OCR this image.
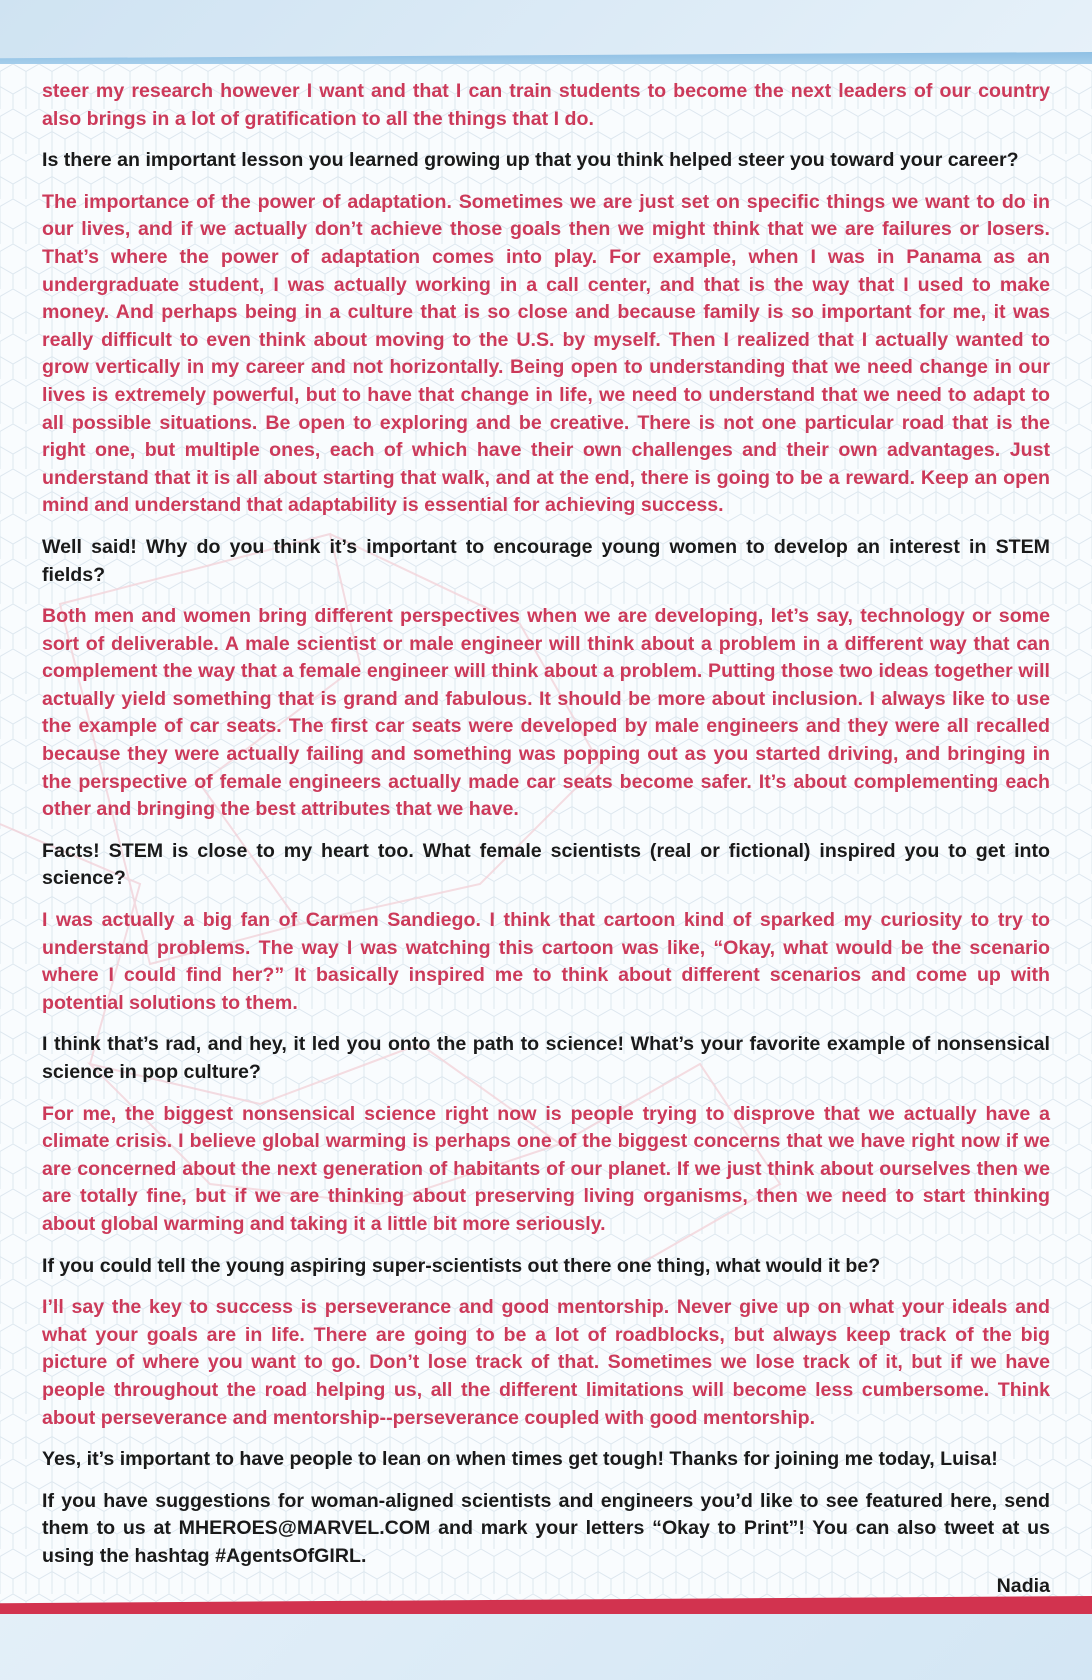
steer my research however I want and that I can train students to become the next leaders of our country also brings in a lot of gratification to all the things that I do.

Is there an important lesson you learned growing up that you think helped steer you toward your career?

The importance of the power of adaptation. Sometimes we are just set on specific things we want to do in our lives, and if we actually don’t achieve those goals then we might think that we are failures or losers. That’s where the power of adaptation comes into play. For example, when I was in Panama as an undergraduate student, I was actually working in a call center, and that is the way that I used to make money. And perhaps being in a culture that is so close and because family is so important for me, it was really difficult to even think about moving to the U.S. by myself. Then I realized that I actually wanted to grow vertically in my career and not horizontally. Being open to understanding that we need change in our lives is extremely powerful, but to have that change in life, we need to understand that we need to adapt to all possible situations. Be open to exploring and be creative. There is not one particular road that is the right one, but multiple ones, each of which have their own challenges and their own advantages. Just understand that it is all about starting that walk, and at the end, there is going to be a reward. Keep an open mind and understand that adaptability is essential for achieving success.

Well said! Why do you think it’s important to encourage young women to develop an interest in STEM fields?

Both men and women bring different perspectives when we are developing, let’s say, technology or some sort of deliverable. A male scientist or male engineer will think about a problem in a different way that can complement the way that a female engineer will think about a problem. Putting those two ideas together will actually yield something that is grand and fabulous. It should be more about inclusion. I always like to use the example of car seats. The first car seats were developed by male engineers and they were all recalled because they were actually failing and something was popping out as you started driving, and bringing in the perspective of female engineers actually made car seats become safer. It’s about complementing each other and bringing the best attributes that we have.

Facts! STEM is close to my heart too. What female scientists (real or fictional) inspired you to get into science?

I was actually a big fan of Carmen Sandiego. I think that cartoon kind of sparked my curiosity to try to understand problems. The way I was watching this cartoon was like, “Okay, what would be the scenario where I could find her?” It basically inspired me to think about different scenarios and come up with potential solutions to them.

I think that’s rad, and hey, it led you onto the path to science! What’s your favorite example of nonsensical science in pop culture?

For me, the biggest nonsensical science right now is people trying to disprove that we actually have a climate crisis. I believe global warming is perhaps one of the biggest concerns that we have right now if we are concerned about the next generation of habitants of our planet. If we just think about ourselves then we are totally fine, but if we are thinking about preserving living organisms, then we need to start thinking about global warming and taking it a little bit more seriously.

If you could tell the young aspiring super-scientists out there one thing, what would it be?

I’ll say the key to success is perseverance and good mentorship. Never give up on what your ideals and what your goals are in life. There are going to be a lot of roadblocks, but always keep track of the big picture of where you want to go. Don’t lose track of that. Sometimes we lose track of it, but if we have people throughout the road helping us, all the different limitations will become less cumbersome. Think about perseverance and mentorship--perseverance coupled with good mentorship.

Yes, it’s important to have people to lean on when times get tough! Thanks for joining me today, Luisa!

If you have suggestions for woman-aligned scientists and engineers you’d like to see featured here, send them to us at MHEROES@MARVEL.COM and mark your letters “Okay to Print”! You can also tweet at us using the hashtag #AgentsOfGIRL.

Nadia
